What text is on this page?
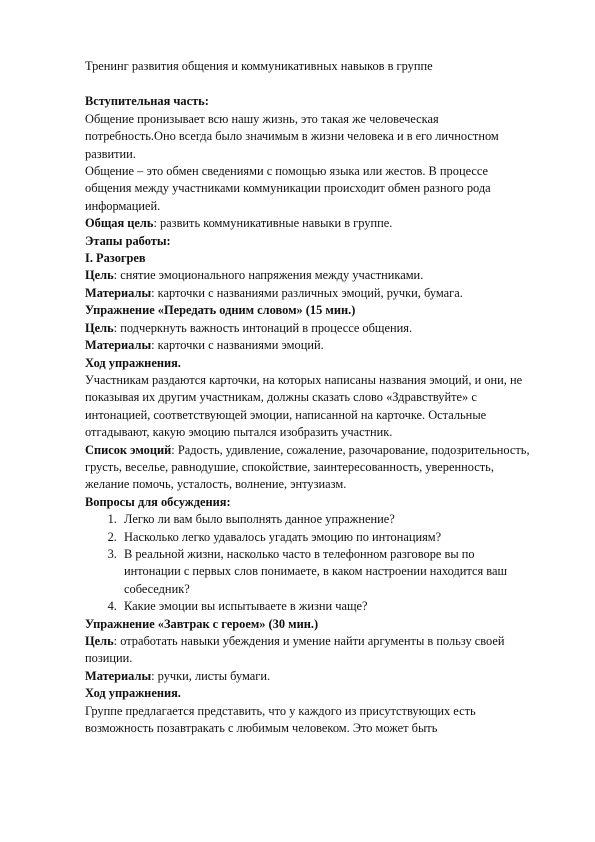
Тренинг развития общения и коммуникативных навыков в группе

Вступительная часть:

Общение пронизывает всю нашу жизнь, это такая же человеческая потребность.Оно всегда было значимым в жизни человека и в его личностном развитии.

Общение – это обмен сведениями с помощью языка или жестов. В процессе общения между участниками коммуникации происходит обмен разного рода информацией.

Общая цель: развить коммуникативные навыки в группе.

Этапы работы:

I. Разогрев

Цель: снятие эмоционального напряжения между участниками.

Материалы: карточки с названиями различных эмоций, ручки, бумага.

Упражнение «Передать одним словом» (15 мин.)

Цель: подчеркнуть важность интонаций в процессе общения.

Материалы: карточки с названиями эмоций.

Ход упражнения.

Участникам раздаются карточки, на которых написаны названия эмоций, и они, не показывая их другим участникам, должны сказать слово «Здравствуйте» с интонацией, соответствующей эмоции, написанной на карточке. Остальные отгадывают, какую эмоцию пытался изобразить участник.

Список эмоций: Радость, удивление, сожаление, разочарование, подозрительность, грусть, веселье, равнодушие, спокойствие, заинтересованность, уверенность, желание помочь, усталость, волнение, энтузиазм.

Вопросы для обсуждения:

1. Легко ли вам было выполнять данное упражнение?
2. Насколько легко удавалось угадать эмоцию по интонациям?
3. В реальной жизни, насколько часто в телефонном разговоре вы по интонации с первых слов понимаете, в каком настроении находится ваш собеседник?
4. Какие эмоции вы испытываете в жизни чаще?

Упражнение «Завтрак с героем» (30 мин.)

Цель: отработать навыки убеждения и умение найти аргументы в пользу своей позиции.

Материалы: ручки, листы бумаги.

Ход упражнения.

Группе предлагается представить, что у каждого из присутствующих есть возможность позавтракать с любимым человеком. Это может быть
